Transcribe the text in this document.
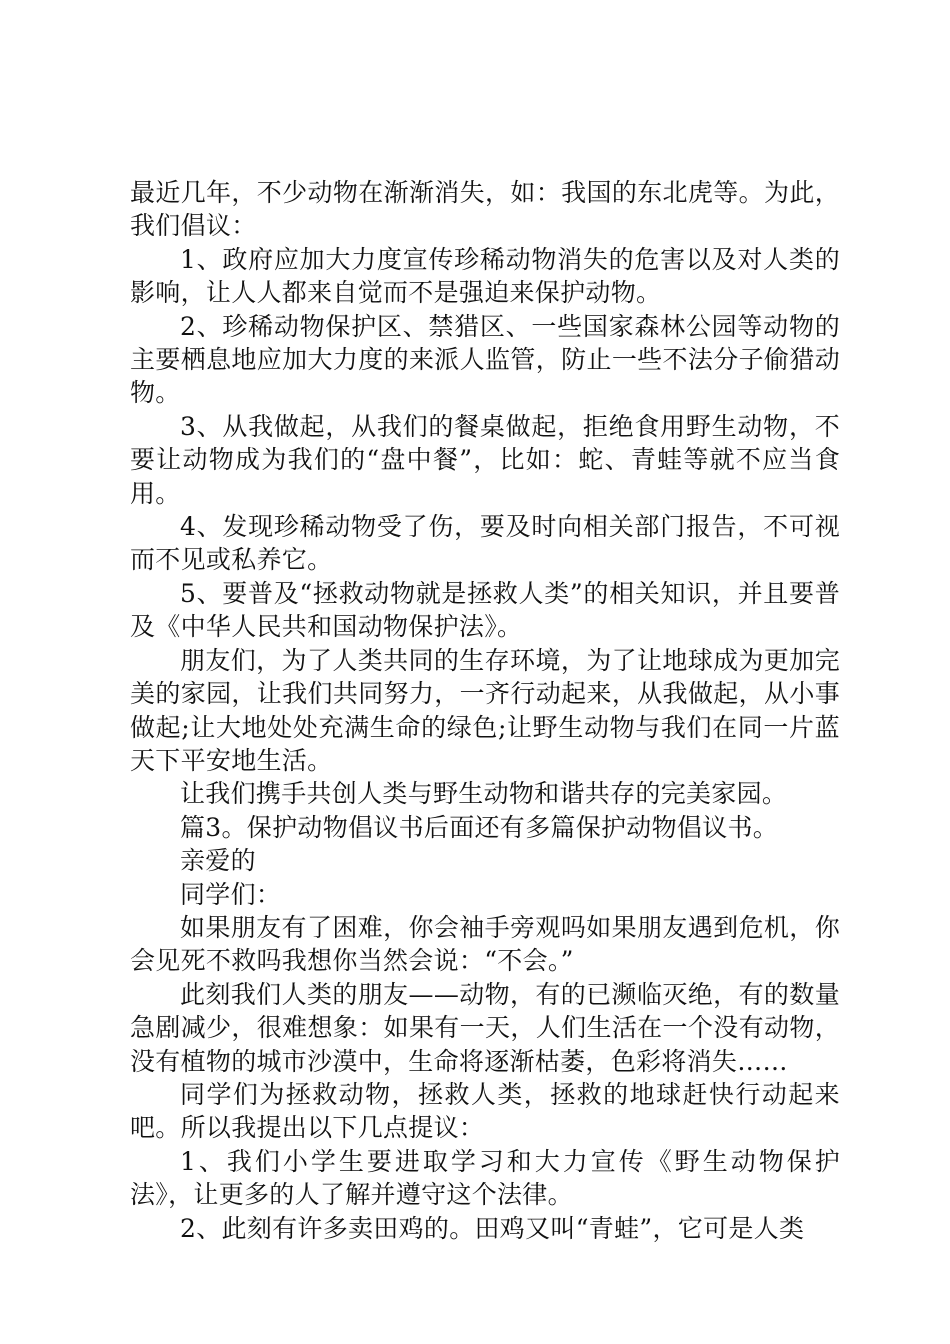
最近几年，不少动物在渐渐消失，如：我国的东北虎等。为此，我们倡议：

1、政府应加大力度宣传珍稀动物消失的危害以及对人类的影响，让人人都来自觉而不是强迫来保护动物。

2、珍稀动物保护区、禁猎区、一些国家森林公园等动物的主要栖息地应加大力度的来派人监管，防止一些不法分子偷猎动物。

3、从我做起，从我们的餐桌做起，拒绝食用野生动物，不要让动物成为我们的“盘中餐”，比如：蛇、青蛙等就不应当食用。

4、发现珍稀动物受了伤，要及时向相关部门报告，不可视而不见或私养它。

5、要普及“拯救动物就是拯救人类”的相关知识，并且要普及《中华人民共和国动物保护法》。

朋友们，为了人类共同的生存环境，为了让地球成为更加完美的家园，让我们共同努力，一齐行动起来，从我做起，从小事做起;让大地处处充满生命的绿色;让野生动物与我们在同一片蓝天下平安地生活。

让我们携手共创人类与野生动物和谐共存的完美家园。

篇3。保护动物倡议书后面还有多篇保护动物倡议书。

亲爱的

同学们：

如果朋友有了困难，你会袖手旁观吗如果朋友遇到危机，你会见死不救吗我想你当然会说：“不会。”

此刻我们人类的朋友——动物，有的已濒临灭绝，有的数量急剧减少，很难想象：如果有一天，人们生活在一个没有动物，没有植物的城市沙漠中，生命将逐渐枯萎，色彩将消失……

同学们为拯救动物，拯救人类，拯救的地球赶快行动起来吧。所以我提出以下几点提议：

1、我们小学生要进取学习和大力宣传《野生动物保护法》，让更多的人了解并遵守这个法律。

2、此刻有许多卖田鸡的。田鸡又叫“青蛙”，它可是人类
